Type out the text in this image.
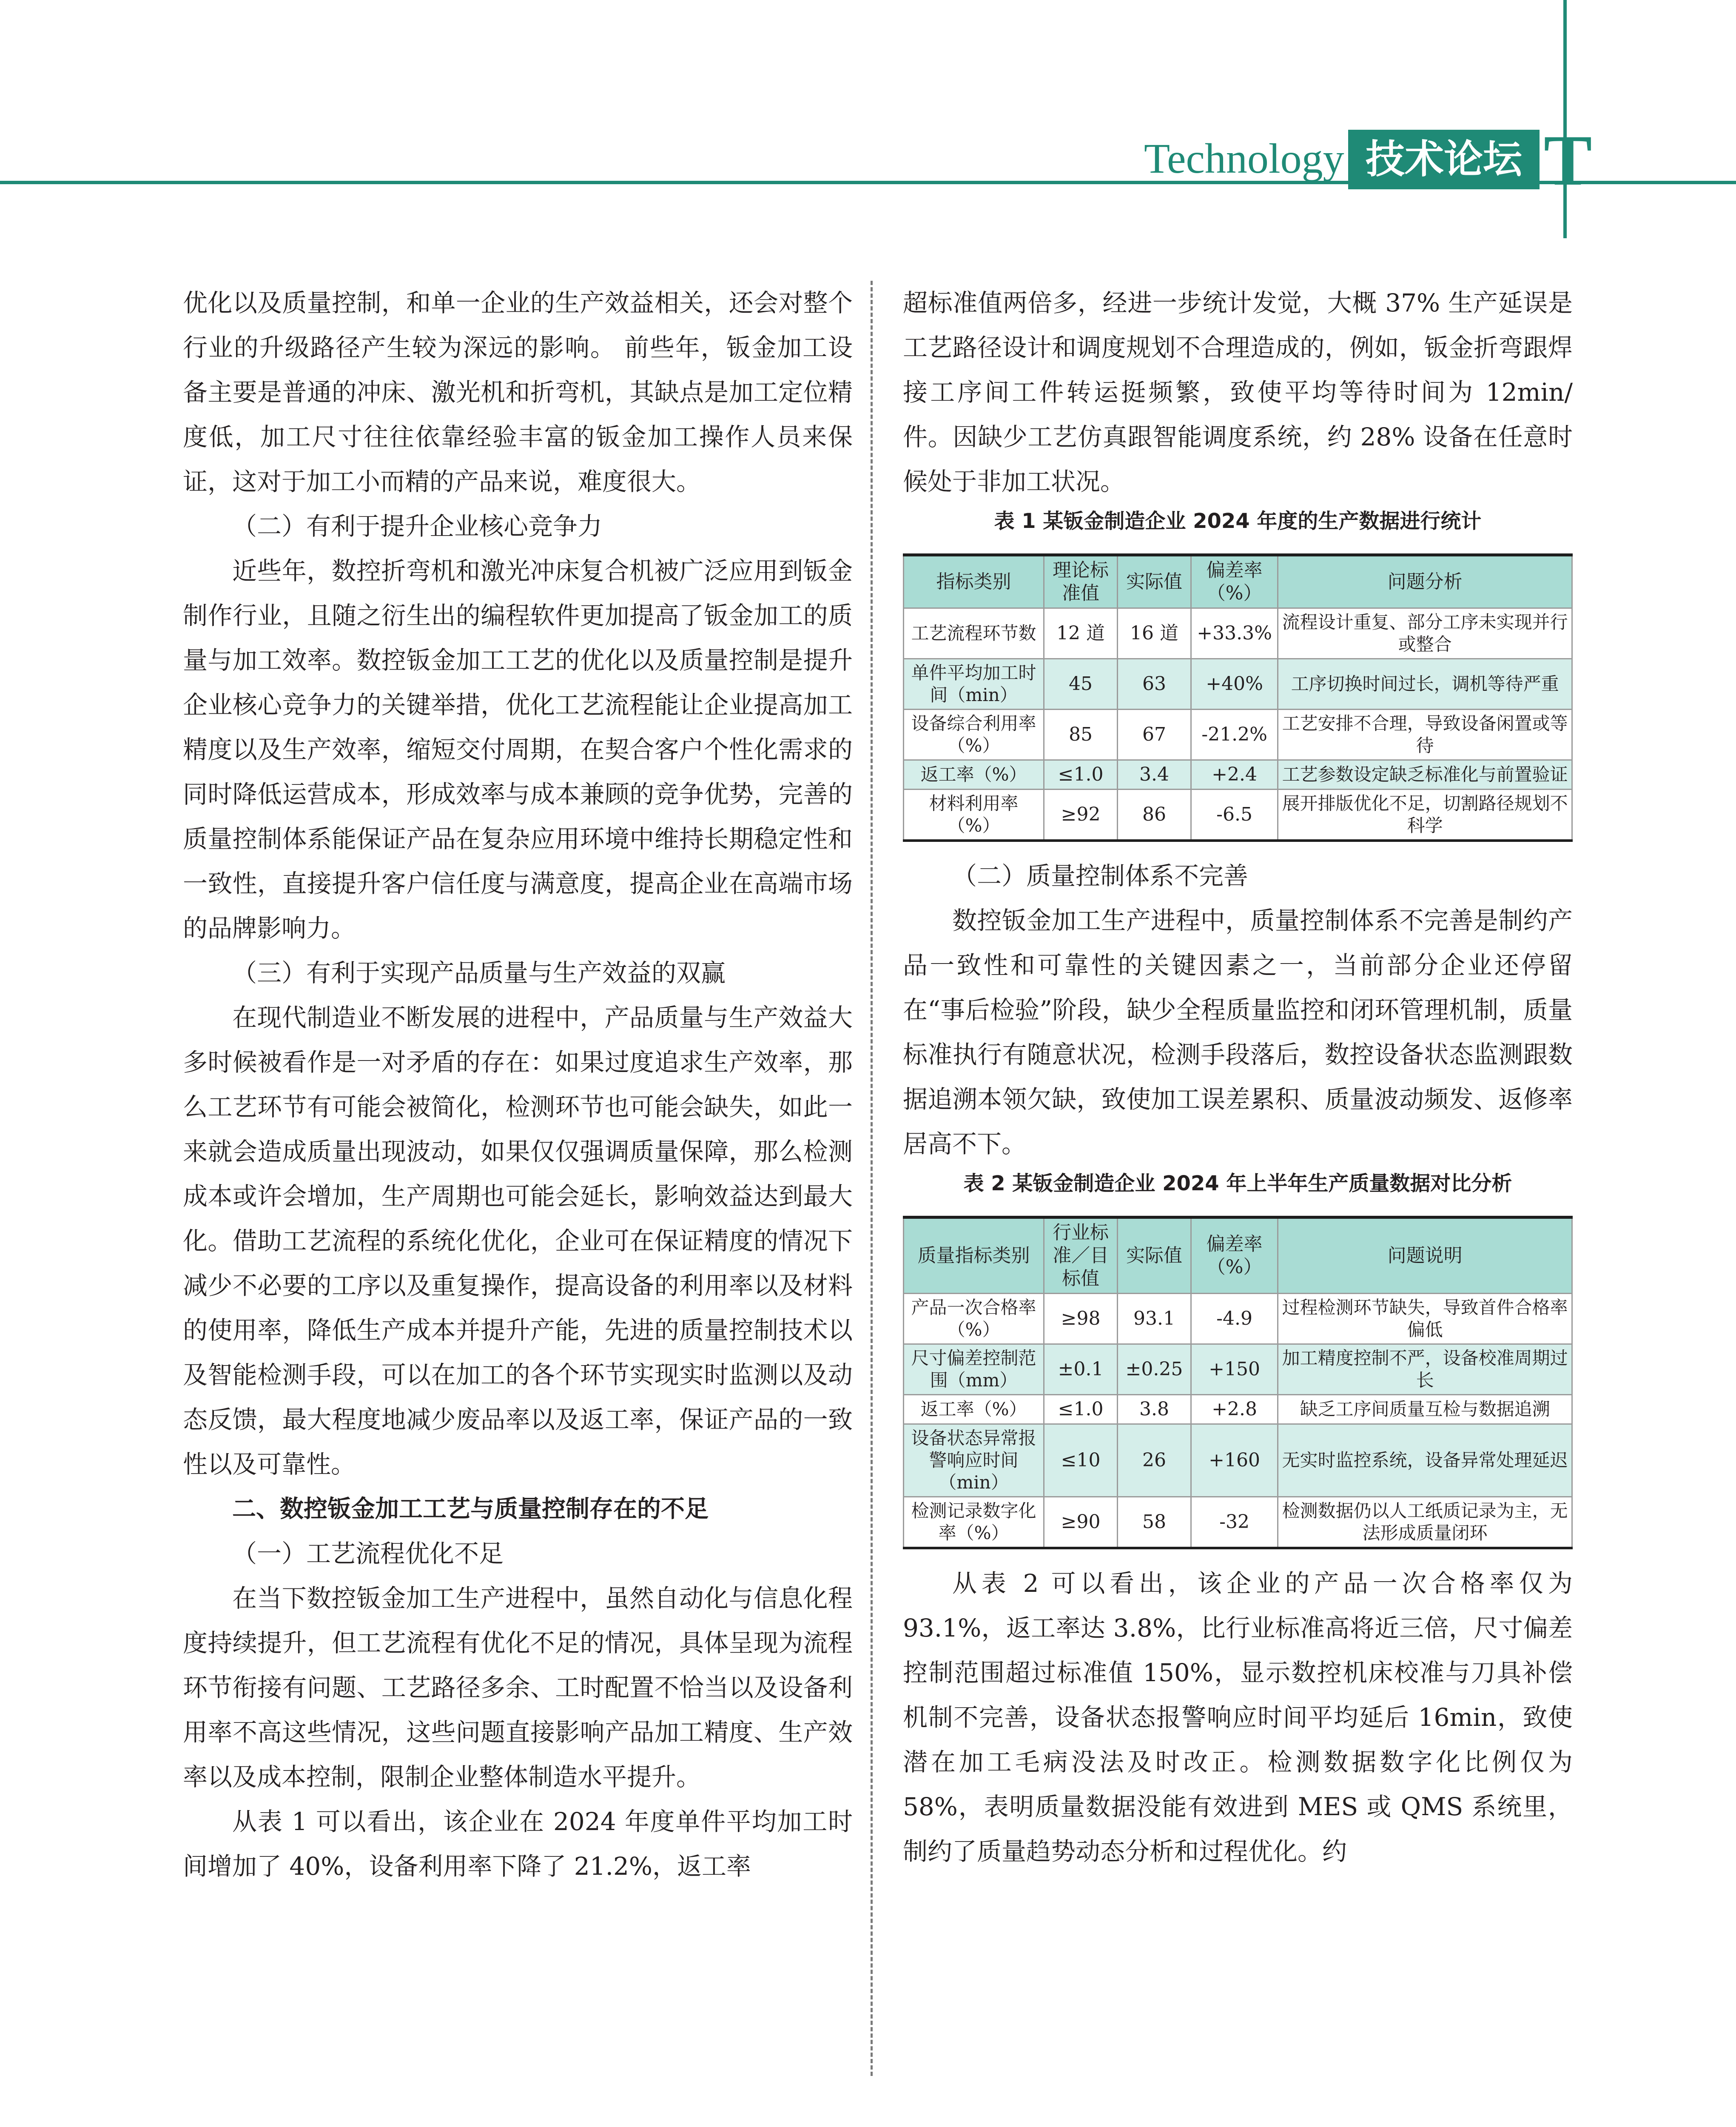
Technology 技术论坛 T

优化以及质量控制，和单一企业的生产效益相关，还会对整个行业的升级路径产生较为深远的影响。 前些年，钣金加工设备主要是普通的冲床、激光机和折弯机，其缺点是加工定位精度低，加工尺寸往往依靠经验丰富的钣金加工操作人员来保证，这对于加工小而精的产品来说，难度很大。

（二）有利于提升企业核心竞争力

近些年，数控折弯机和激光冲床复合机被广泛应用到钣金制作行业，且随之衍生出的编程软件更加提高了钣金加工的质量与加工效率。数控钣金加工工艺的优化以及质量控制是提升企业核心竞争力的关键举措，优化工艺流程能让企业提高加工精度以及生产效率，缩短交付周期，在契合客户个性化需求的同时降低运营成本，形成效率与成本兼顾的竞争优势，完善的质量控制体系能保证产品在复杂应用环境中维持长期稳定性和一致性，直接提升客户信任度与满意度，提高企业在高端市场的品牌影响力。

（三）有利于实现产品质量与生产效益的双赢

在现代制造业不断发展的进程中，产品质量与生产效益大多时候被看作是一对矛盾的存在：如果过度追求生产效率，那么工艺环节有可能会被简化，检测环节也可能会缺失，如此一来就会造成质量出现波动，如果仅仅强调质量保障，那么检测成本或许会增加，生产周期也可能会延长，影响效益达到最大化。借助工艺流程的系统化优化，企业可在保证精度的情况下减少不必要的工序以及重复操作，提高设备的利用率以及材料的使用率，降低生产成本并提升产能，先进的质量控制技术以及智能检测手段，可以在加工的各个环节实现实时监测以及动态反馈，最大程度地减少废品率以及返工率，保证产品的一致性以及可靠性。

二、数控钣金加工工艺与质量控制存在的不足
（一）工艺流程优化不足

在当下数控钣金加工生产进程中，虽然自动化与信息化程度持续提升，但工艺流程有优化不足的情况，具体呈现为流程环节衔接有问题、工艺路径多余、工时配置不恰当以及设备利用率不高这些情况，这些问题直接影响产品加工精度、生产效率以及成本控制，限制企业整体制造水平提升。

从表 1 可以看出，该企业在 2024 年度单件平均加工时间增加了 40%，设备利用率下降了 21.2%，返工率

超标准值两倍多，经进一步统计发觉，大概 37% 生产延误是工艺路径设计和调度规划不合理造成的，例如，钣金折弯跟焊接工序间工件转运挺频繁，致使平均等待时间为 12min/ 件。因缺少工艺仿真跟智能调度系统，约 28% 设备在任意时候处于非加工状况。

表 1 某钣金制造企业 2024 年度的生产数据进行统计
指标类别	理论标准值	实际值	偏差率（%）	问题分析
工艺流程环节数	12 道	16 道	+33.3%	流程设计重复、部分工序未实现并行或整合
单件平均加工时间（min）	45	63	+40%	工序切换时间过长，调机等待严重
设备综合利用率（%）	85	67	-21.2%	工艺安排不合理，导致设备闲置或等待
返工率（%）	≤1.0	3.4	+2.4	工艺参数设定缺乏标准化与前置验证
材料利用率（%）	≥92	86	-6.5	展开排版优化不足，切割路径规划不科学
（二）质量控制体系不完善

数控钣金加工生产进程中，质量控制体系不完善是制约产品一致性和可靠性的关键因素之一，当前部分企业还停留在“事后检验”阶段，缺少全程质量监控和闭环管理机制，质量标准执行有随意状况，检测手段落后，数控设备状态监测跟数据追溯本领欠缺，致使加工误差累积、质量波动频发、返修率居高不下。

表 2 某钣金制造企业 2024 年上半年生产质量数据对比分析
质量指标类别	行业标准／目标值	实际值	偏差率（%）	问题说明
产品一次合格率（%）	≥98	93.1	-4.9	过程检测环节缺失，导致首件合格率偏低
尺寸偏差控制范围（mm）	±0.1	±0.25	+150	加工精度控制不严，设备校准周期过长
返工率（%）	≤1.0	3.8	+2.8	缺乏工序间质量互检与数据追溯
设备状态异常报警响应时间（min）	≤10	26	+160	无实时监控系统，设备异常处理延迟
检测记录数字化率（%）	≥90	58	-32	检测数据仍以人工纸质记录为主，无法形成质量闭环

从表 2 可以看出，该企业的产品一次合格率仅为 93.1%，返工率达 3.8%，比行业标准高将近三倍，尺寸偏差控制范围超过标准值 150%，显示数控机床校准与刀具补偿机制不完善，设备状态报警响应时间平均延后 16min，致使潜在加工毛病没法及时改正。检测数据数字化比例仅为 58%，表明质量数据没能有效进到 MES 或 QMS 系统里，制约了质量趋势动态分析和过程优化。约
